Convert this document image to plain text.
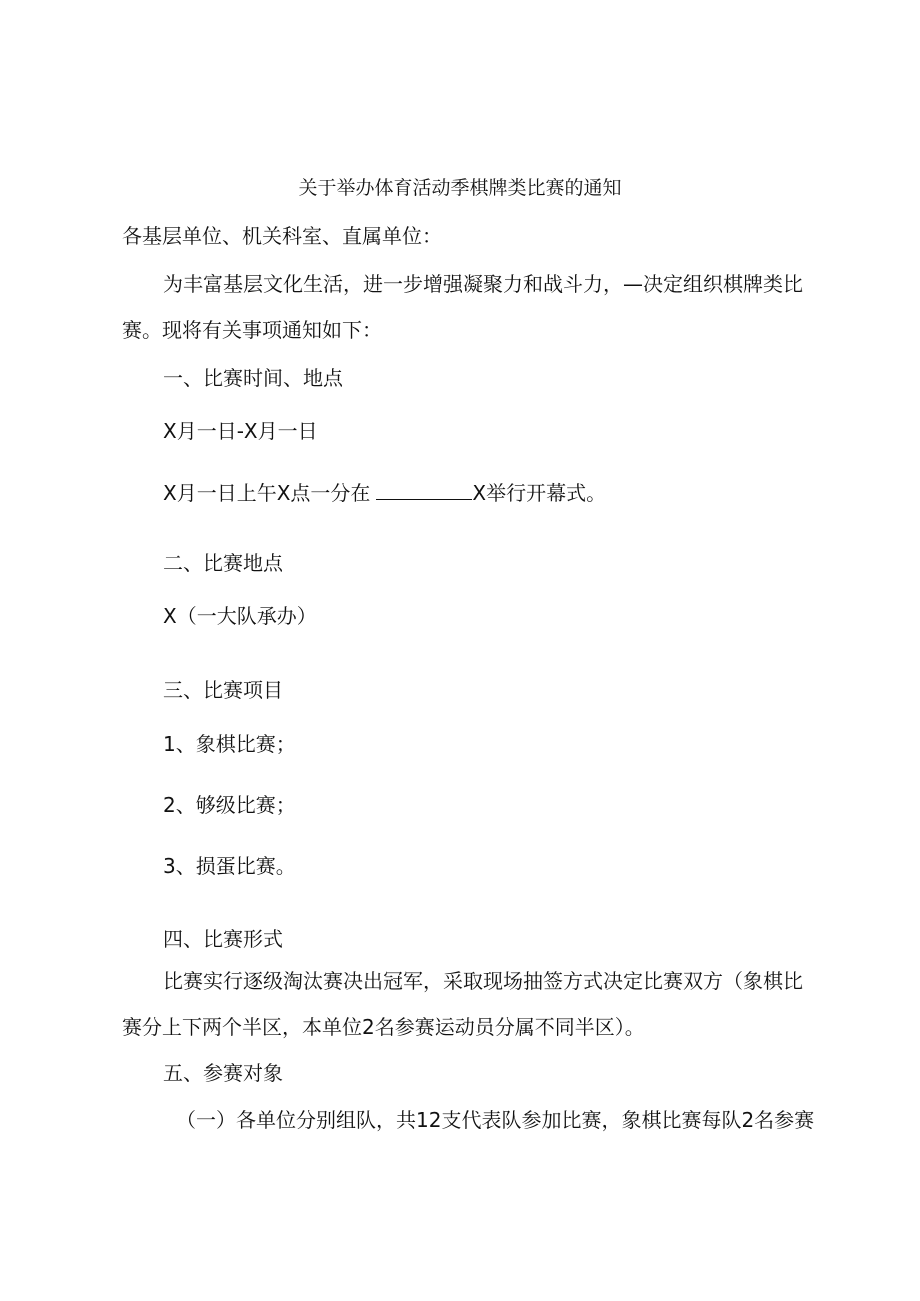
关于举办体育活动季棋牌类比赛的通知
各基层单位、机关科室、直属单位：
为丰富基层文化生活，进一步增强凝聚力和战斗力，—决定组织棋牌类比
赛。现将有关事项通知如下：
一、比赛时间、地点
X月一日-X月一日
X月一日上午X点一分在	X举行开幕式。
二、比赛地点
X（一大队承办）
三、比赛项目
1、象棋比赛；
2、够级比赛；
3、损蛋比赛。
四、比赛形式
比赛实行逐级淘汰赛决出冠军，采取现场抽签方式决定比赛双方（象棋比
赛分上下两个半区，本单位2名参赛运动员分属不同半区）。
五、参赛对象
（一）各单位分别组队，共12支代表队参加比赛，象棋比赛每队2名参赛
